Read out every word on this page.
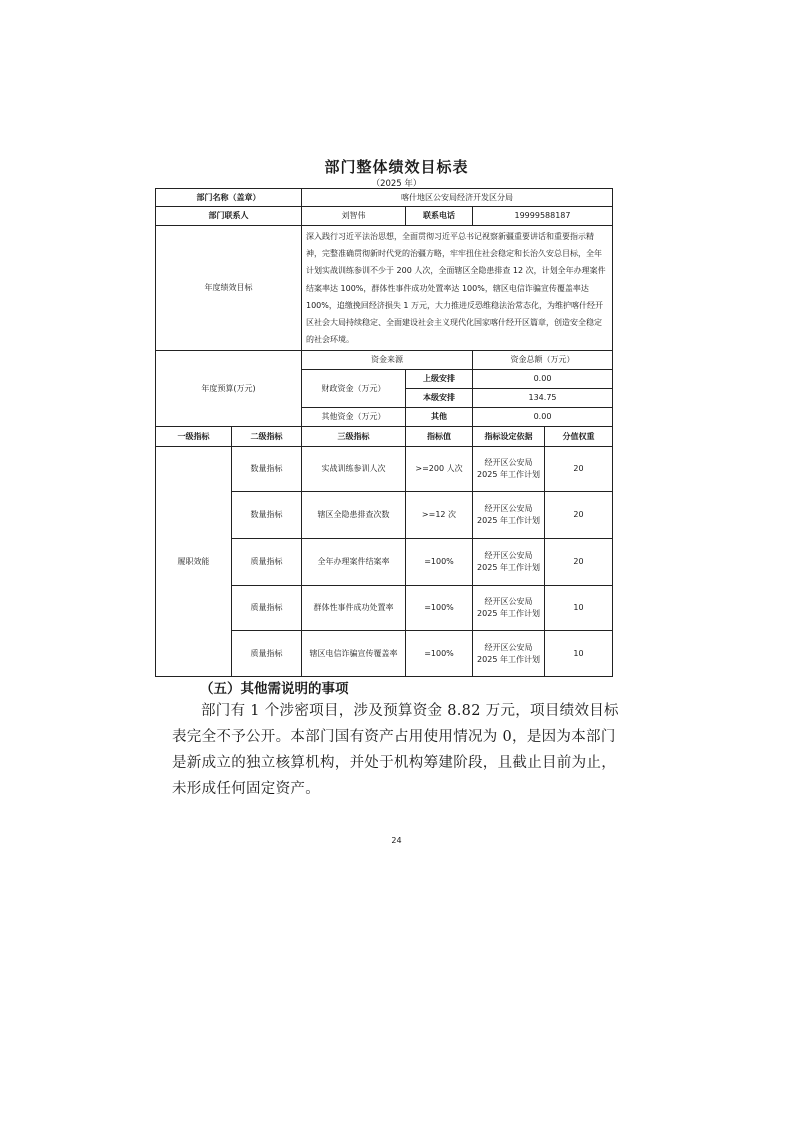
部门整体绩效目标表
（2025 年）
部门名称（盖章）		喀什地区公安局经济开发区分局			
部门联系人		刘智伟	联系电话	19999588187	
年度绩效目标		深入践行习近平法治思想，全面贯彻习近平总书记视察新疆重要讲话和重要指示精神，完整准确贯彻新时代党的治疆方略，牢牢扭住社会稳定和长治久安总目标，全年计划实战训练参训不少于 200 人次，全面辖区全隐患排查 12 次，计划全年办理案件结案率达 100%，群体性事件成功处置率达 100%，辖区电信诈骗宣传覆盖率达 100%，追缴挽回经济损失 1 万元，大力推进反恐维稳法治常态化，为维护喀什经开区社会大局持续稳定、全面建设社会主义现代化国家喀什经开区篇章，创造安全稳定的社会环境。			
年度预算(万元)		资金来源		资金总额（万元）	
		财政资金（万元）	上级安排	0.00	
			本级安排	134.75	
		其他资金（万元）	其他	0.00	
一级指标	二级指标	三级指标	指标值	指标设定依据	分值权重
履职效能	数量指标	实战训练参训人次	>=200 人次	经开区公安局 2025 年工作计划	20
	数量指标	辖区全隐患排查次数	>=12 次	经开区公安局 2025 年工作计划	20
	质量指标	全年办理案件结案率	=100%	经开区公安局 2025 年工作计划	20
	质量指标	群体性事件成功处置率	=100%	经开区公安局 2025 年工作计划	10
	质量指标	辖区电信诈骗宣传覆盖率	=100%	经开区公安局 2025 年工作计划	10
（五）其他需说明的事项
部门有 1 个涉密项目，涉及预算资金 8.82 万元，项目绩效目标表完全不予公开。本部门国有资产占用使用情况为 0，是因为本部门是新成立的独立核算机构，并处于机构筹建阶段，且截止目前为止，未形成任何固定资产。
24
